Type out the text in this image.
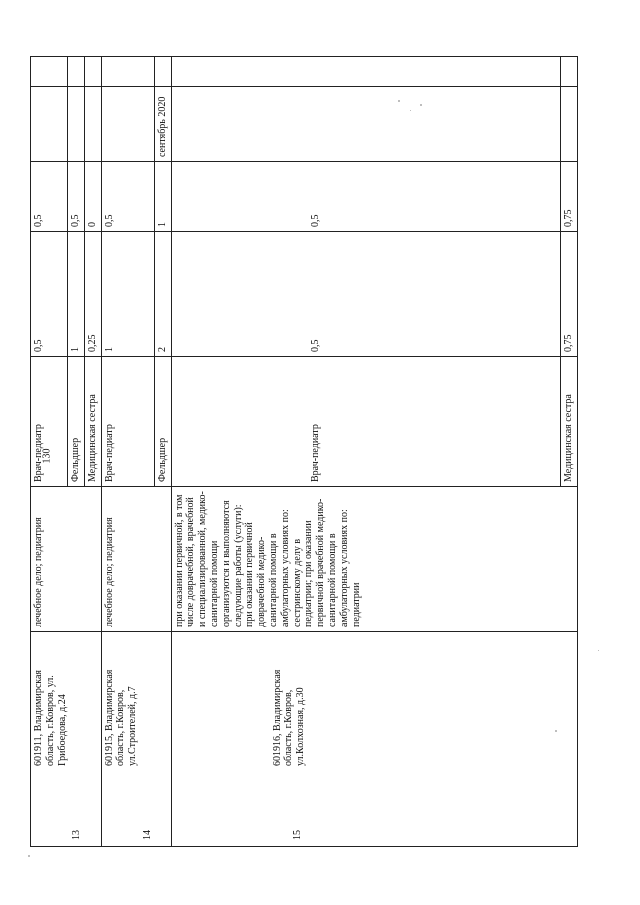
130
13
601911, Владимирская область, г.Ковров, ул. Грибоедова, д.24	лечебное дело; педиатрия	Врач-педиатр	0,5	0,5		
		Фельдшер	1	0,5		
		Медицинская сестра	0,25	0		

14
601915, Владимирская область, г.Ковров, ул.Строителей, д.7	лечебное дело; педиатрия	Врач-педиатр	1	0,5		
		Фельдшер	2	1	сентябрь 2020	

15
601916, Владимирская область, г.Ковров, ул.Колхозная, д.30	при оказании первичной, в том числе доврачебной, врачебной и специализированной, медико-санитарной помощи организуются и выполняются следующие работы (услуги): при оказании первичной доврачебной медико-санитарной помощи в амбулаторных условиях по: сестринскому делу в педиатрии; при оказании первичной врачебной медико-санитарной помощи в амбулаторных условиях по: педиатрии	Врач-педиатр	0,5	0,5		
		Медицинская сестра	0,75	0,75		
